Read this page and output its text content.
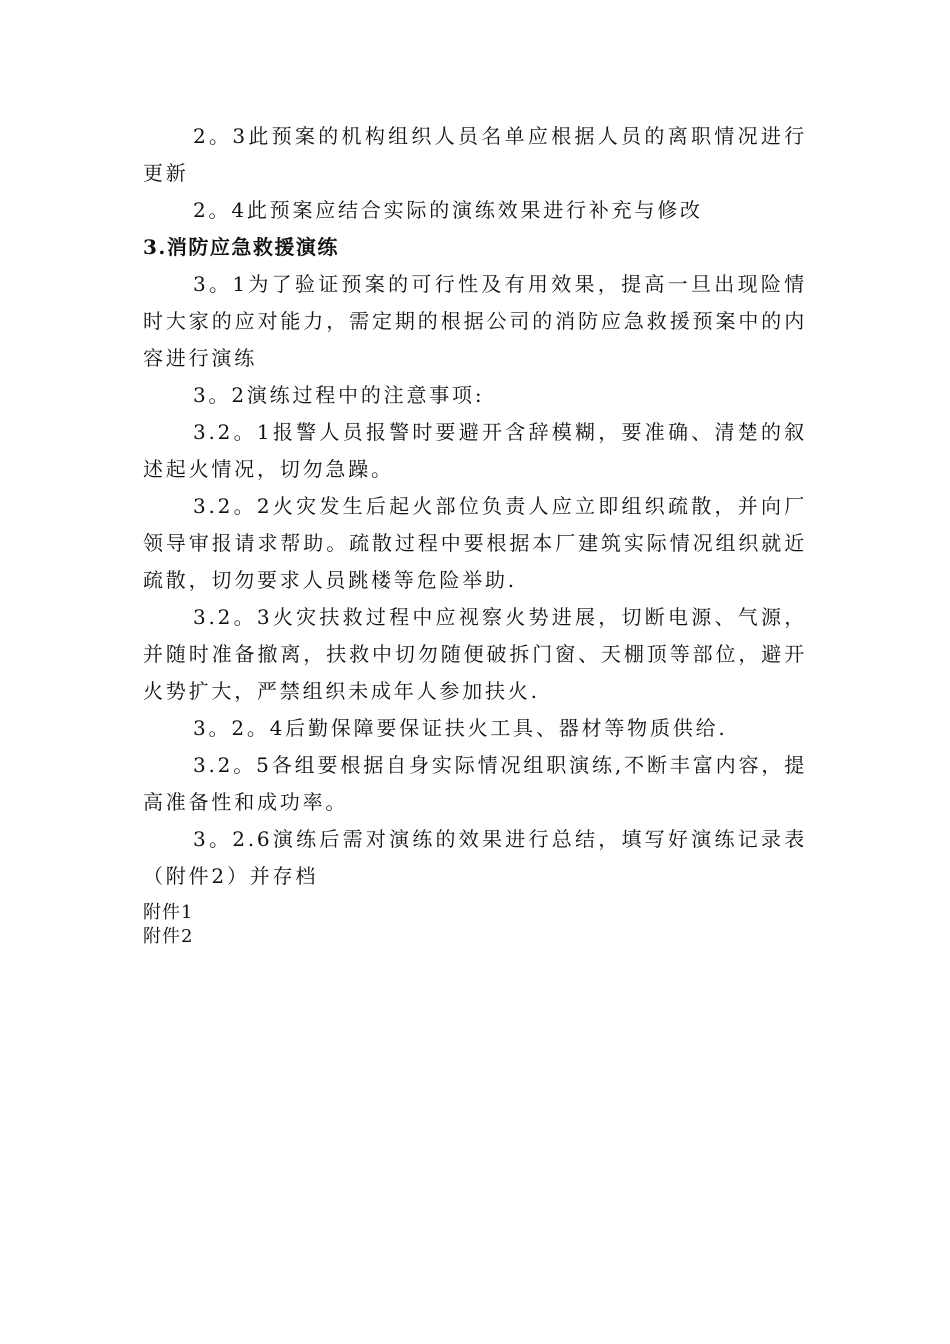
2。3此预案的机构组织人员名单应根据人员的离职情况进行更新

2。4此预案应结合实际的演练效果进行补充与修改

3.消防应急救援演练

3。1为了验证预案的可行性及有用效果，提高一旦出现险情时大家的应对能力，需定期的根据公司的消防应急救援预案中的内容进行演练

3。2演练过程中的注意事项:

3.2。1报警人员报警时要避开含辞模糊，要准确、清楚的叙述起火情况，切勿急躁。

3.2。2火灾发生后起火部位负责人应立即组织疏散，并向厂领导审报请求帮助。疏散过程中要根据本厂建筑实际情况组织就近疏散，切勿要求人员跳楼等危险举助.

3.2。3火灾扶救过程中应视察火势进展，切断电源、气源，并随时准备撤离，扶救中切勿随便破拆门窗、天棚顶等部位，避开火势扩大，严禁组织未成年人参加扶火.

3。2。4后勤保障要保证扶火工具、器材等物质供给.

3.2。5各组要根据自身实际情况组职演练,不断丰富内容，提高准备性和成功率。

3。2.6演练后需对演练的效果进行总结，填写好演练记录表（附件2）并存档

附件1

附件2
